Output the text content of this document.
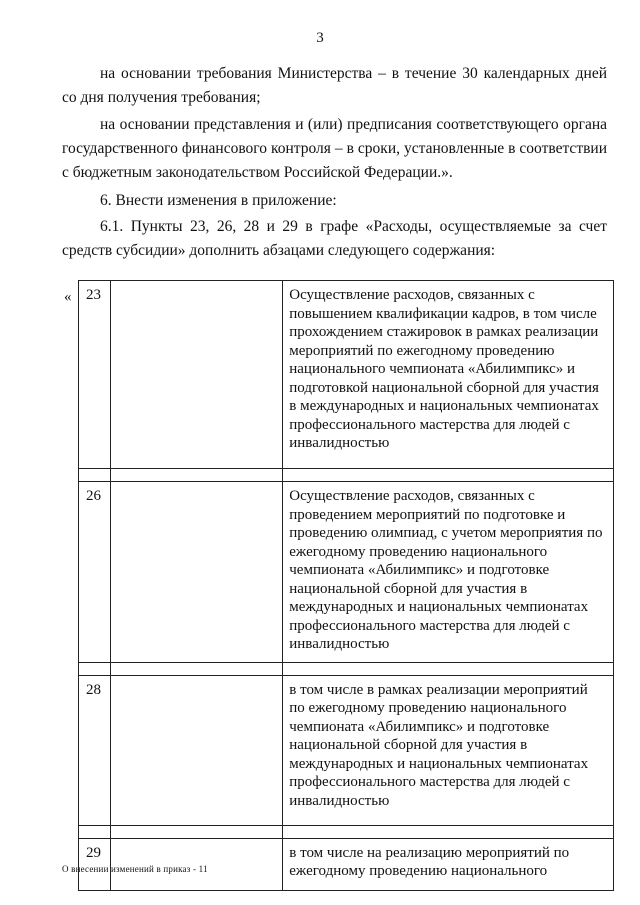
3

на основании требования Министерства – в течение 30 календарных дней со дня получения требования;

на основании представления и (или) предписания соответствующего органа государственного финансового контроля – в сроки, установленные в соответствии с бюджетным законодательством Российской Федерации.».

6. Внести изменения в приложение:

6.1. Пункты 23, 26, 28 и 29 в графе «Расходы, осуществляемые за счет средств субсидии» дополнить абзацами следующего содержания:

« 23		Осуществление расходов, связанных с повышением квалификации кадров, в том числе прохождением стажировок в рамках реализации мероприятий по ежегодному проведению национального чемпионата «Абилимпикс» и подготовкой национальной сборной для участия в международных и национальных чемпионатах профессионального мастерства для людей с инвалидностью

26		Осуществление расходов, связанных с проведением мероприятий по подготовке и проведению олимпиад, с учетом мероприятия по ежегодному проведению национального чемпионата «Абилимпикс» и подготовке национальной сборной для участия в международных и национальных чемпионатах профессионального мастерства для людей с инвалидностью

28		в том числе в рамках реализации мероприятий по ежегодному проведению национального чемпионата «Абилимпикс» и подготовке национальной сборной для участия в международных и национальных чемпионатах профессионального мастерства для людей с инвалидностью

29		в том числе на реализацию мероприятий по ежегодному проведению национального
О внесении изменений в приказ - 11
